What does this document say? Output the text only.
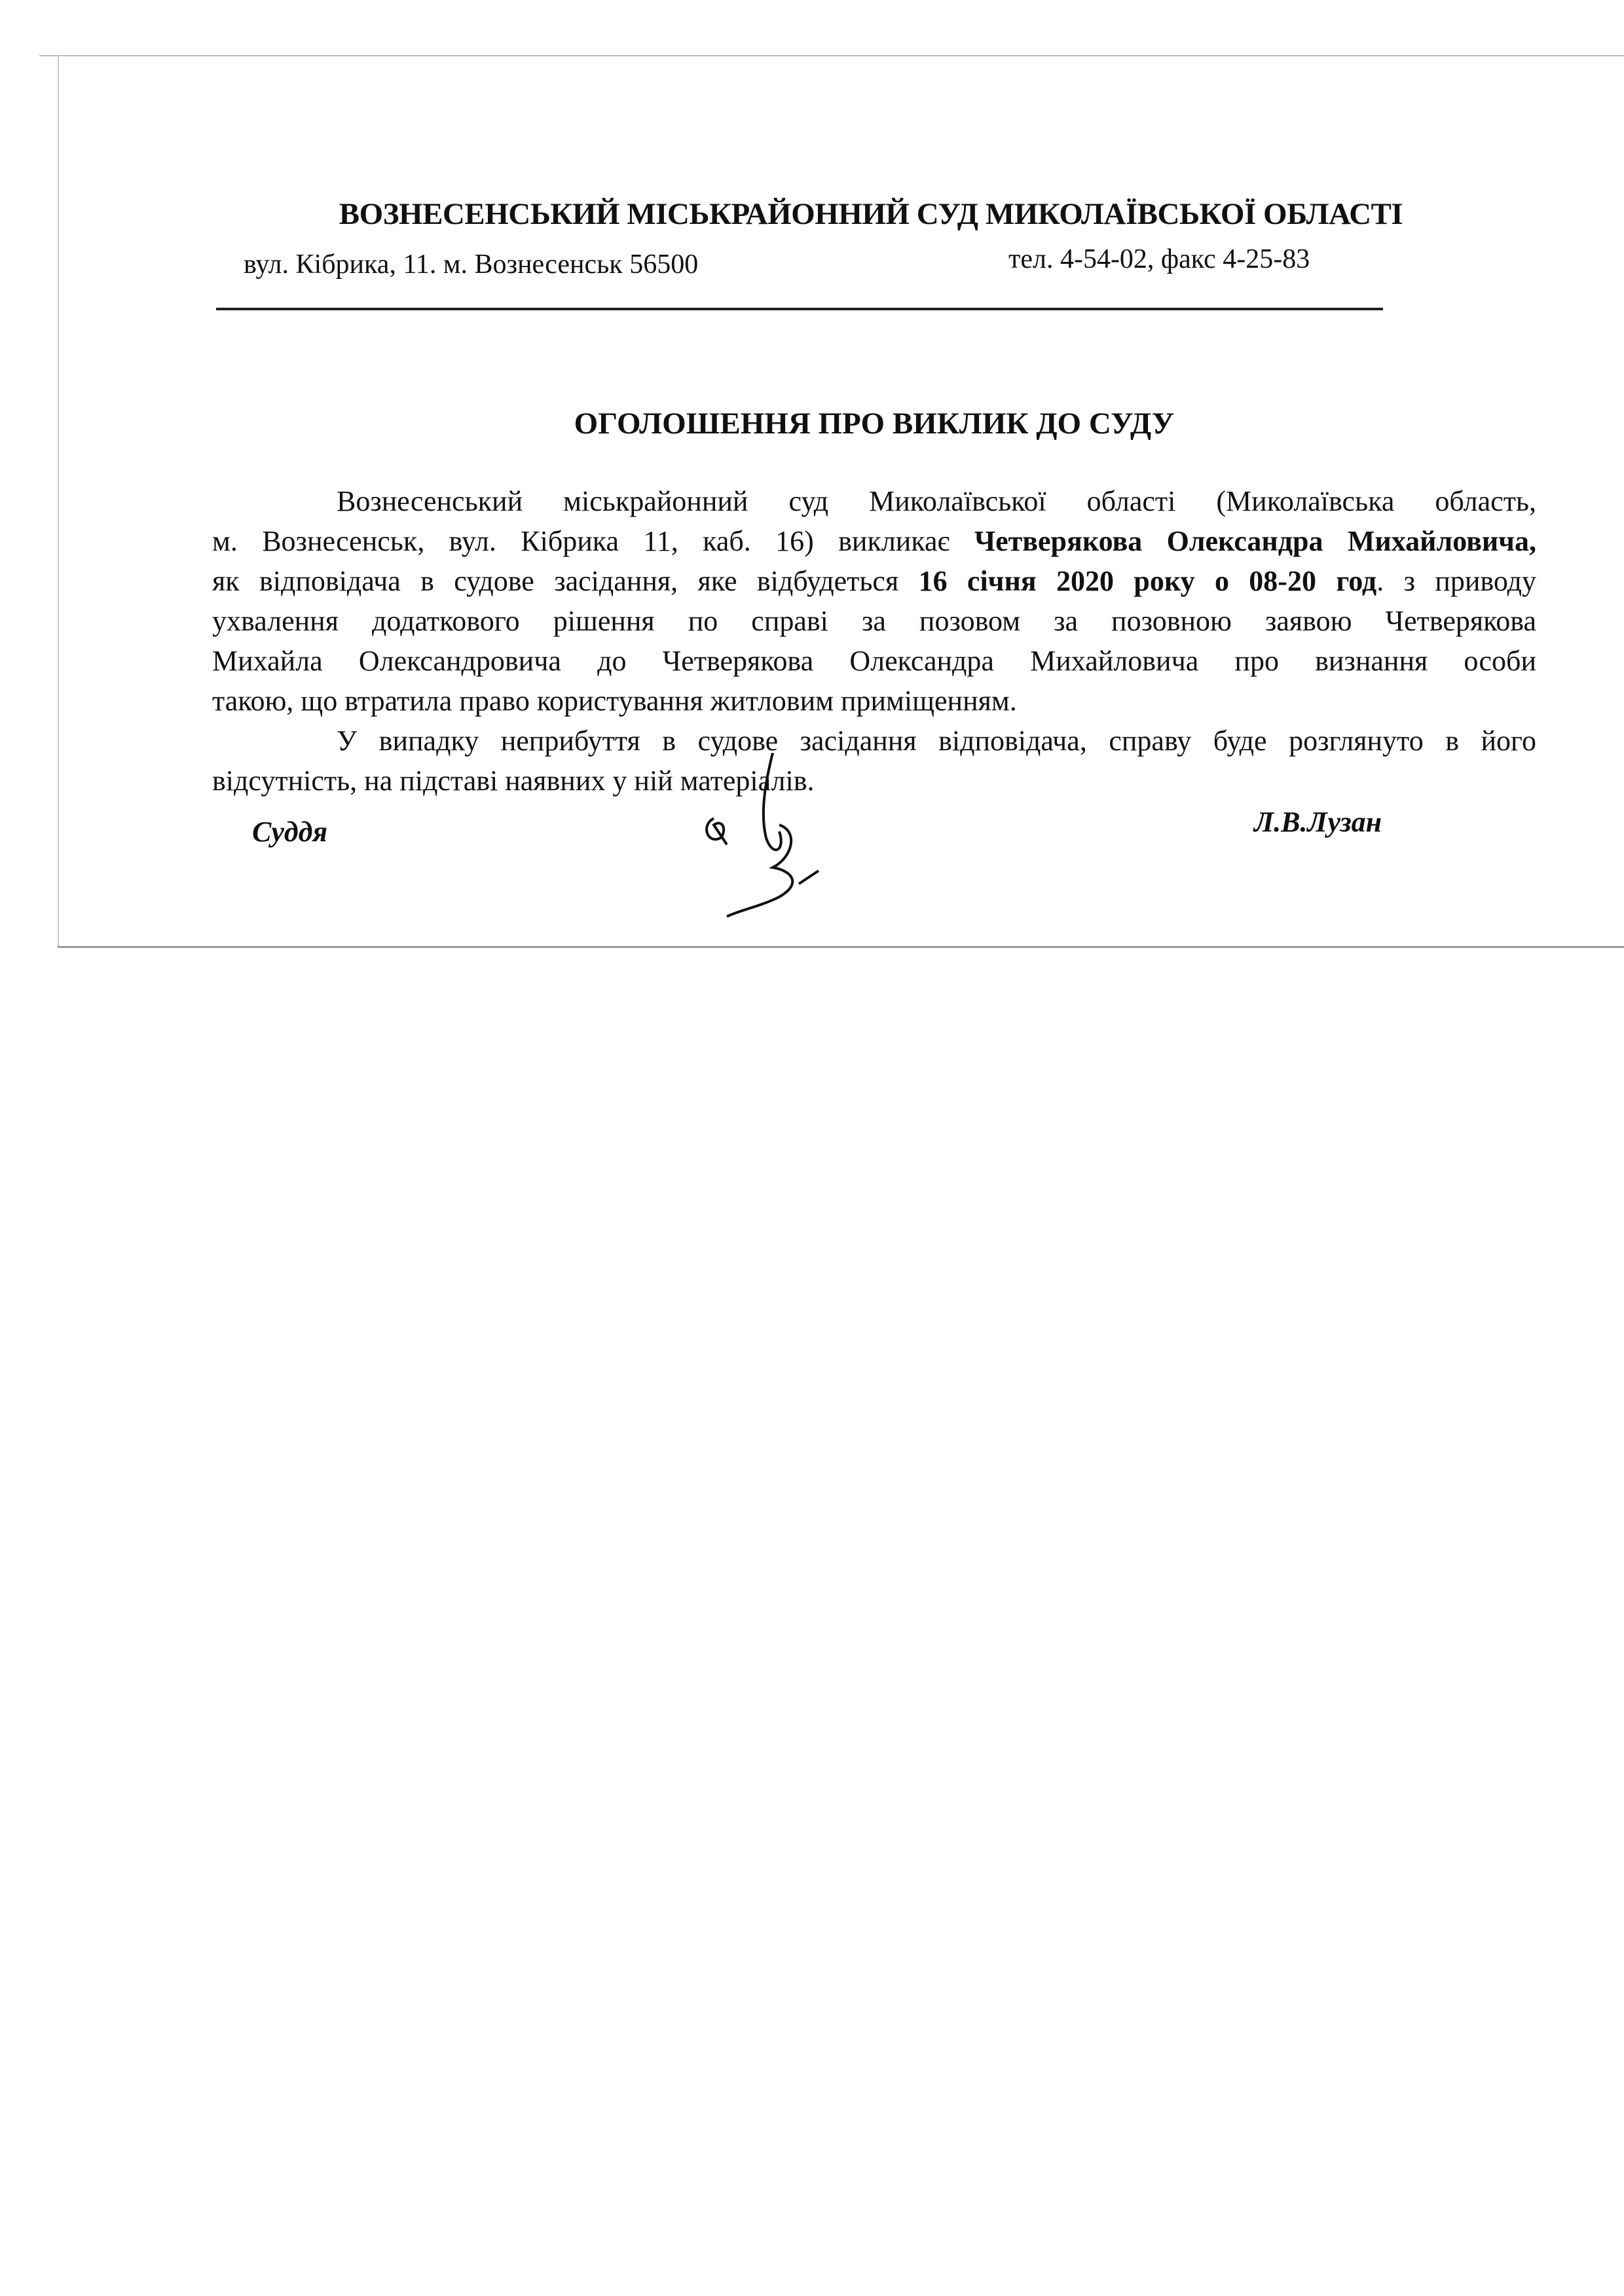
ВОЗНЕСЕНСЬКИЙ МІСЬКРАЙОННИЙ СУД МИКОЛАЇВСЬКОЇ ОБЛАСТІ
вул. Кібрика, 11. м. Вознесенськ 56500	тел. 4-54-02, факс 4-25-83
ОГОЛОШЕННЯ ПРО ВИКЛИК ДО СУДУ
Вознесенський міськрайонний суд Миколаївської області (Миколаївська область,
м. Вознесенськ, вул. Кібрика 11, каб. 16) викликає Четверякова Олександра Михайловича,
як відповідача в судове засідання, яке відбудеться 16 січня 2020 року о 08-20 год. з приводу
ухвалення додаткового рішення по справі за позовом за позовною заявою Четверякова
Михайла Олександровича до Четверякова Олександра Михайловича про визнання особи
такою, що втратила право користування житловим приміщенням.
У випадку неприбуття в судове засідання відповідача, справу буде розглянуто в його
відсутність, на підставі наявних у ній матеріалів.
Суддя	Л.В.Лузан
